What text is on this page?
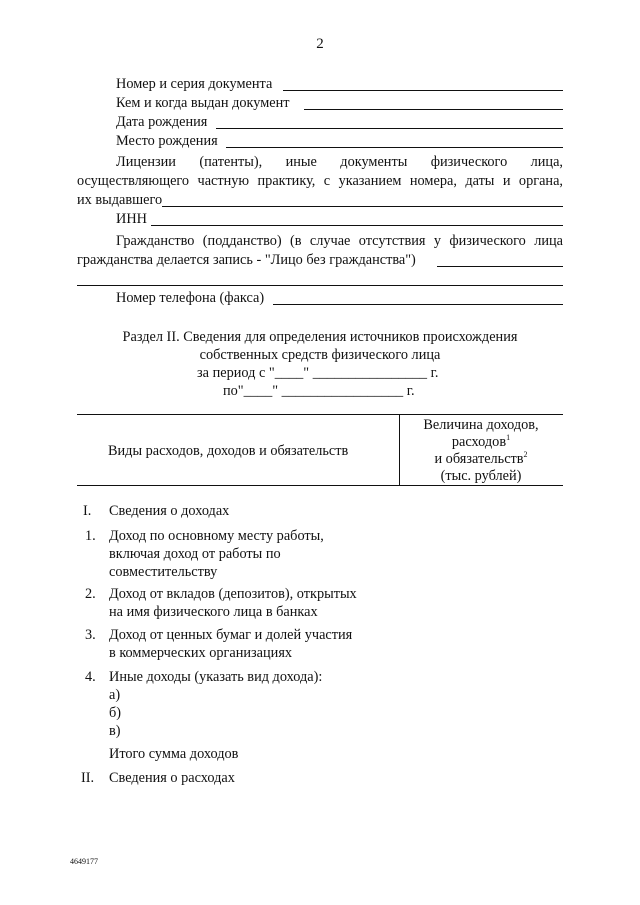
2
Номер и серия документа
Кем и когда выдан документ
Дата рождения
Место рождения
Лицензии (патенты), иные документы физического лица,
осуществляющего частную практику, с указанием номера, даты и органа,
их выдавшего
ИНН
Гражданство (подданство) (в случае отсутствия у физического лица
гражданства делается запись - "Лицо без гражданства")
Номер телефона (факса)
Раздел II. Сведения для определения источников происхождения
собственных средств физического лица
за период с "____" ________________ г.
по"____" _________________ г.
Виды расходов, доходов и обязательств
Величина доходов,
расходов$^1$
и обязательств$^2$
(тыс. рублей)
I. Сведения о доходах
1. Доход по основному месту работы,
включая доход от работы по
совместительству
2. Доход от вкладов (депозитов), открытых
на имя физического лица в банках
3. Доход от ценных бумаг и долей участия
в коммерческих организациях
4. Иные доходы (указать вид дохода):
а)
б)
в)
Итого сумма доходов
II. Сведения о расходах
4649177
